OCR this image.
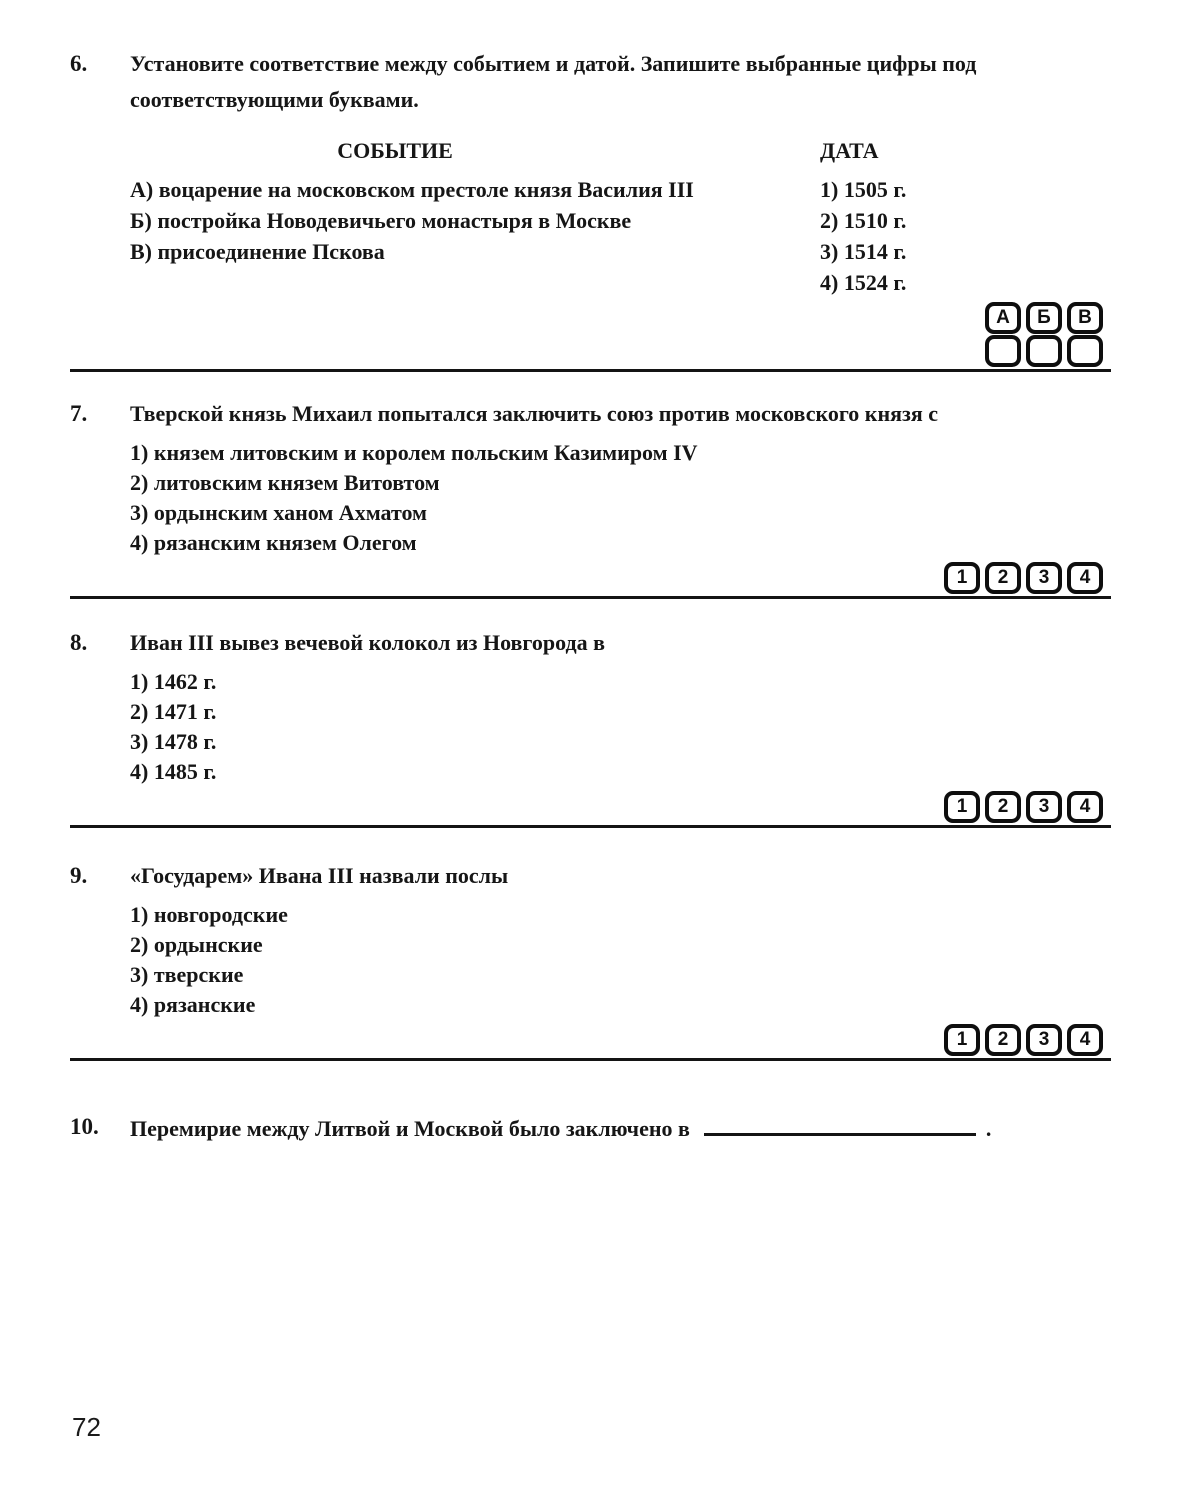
6.	Установите соответствие между событием и датой. Запишите выбранные цифры под соответствующими буквами.

СОБЫТИЕ	ДАТА
А) воцарение на московском престоле князя Василия III	1) 1505 г.
Б) постройка Новодевичьего монастыря в Москве	2) 1510 г.
В) присоединение Пскова	3) 1514 г.
4) 1524 г.
А	Б	В
7.	Тверской князь Михаил попытался заключить союз против московского князя с

1) князем литовским и королем польским Казимиром IV
2) литовским князем Витовтом
3) ордынским ханом Ахматом
4) рязанским князем Олегом
1	2	3	4
8.	Иван III вывез вечевой колокол из Новгорода в

1) 1462 г.
2) 1471 г.
3) 1478 г.
4) 1485 г.
1	2	3	4
9.	«Государем» Ивана III назвали послы

1) новгородские
2) ордынские
3) тверские
4) рязанские
1	2	3	4
10.	Перемирие между Литвой и Москвой было заключено в	.
72
